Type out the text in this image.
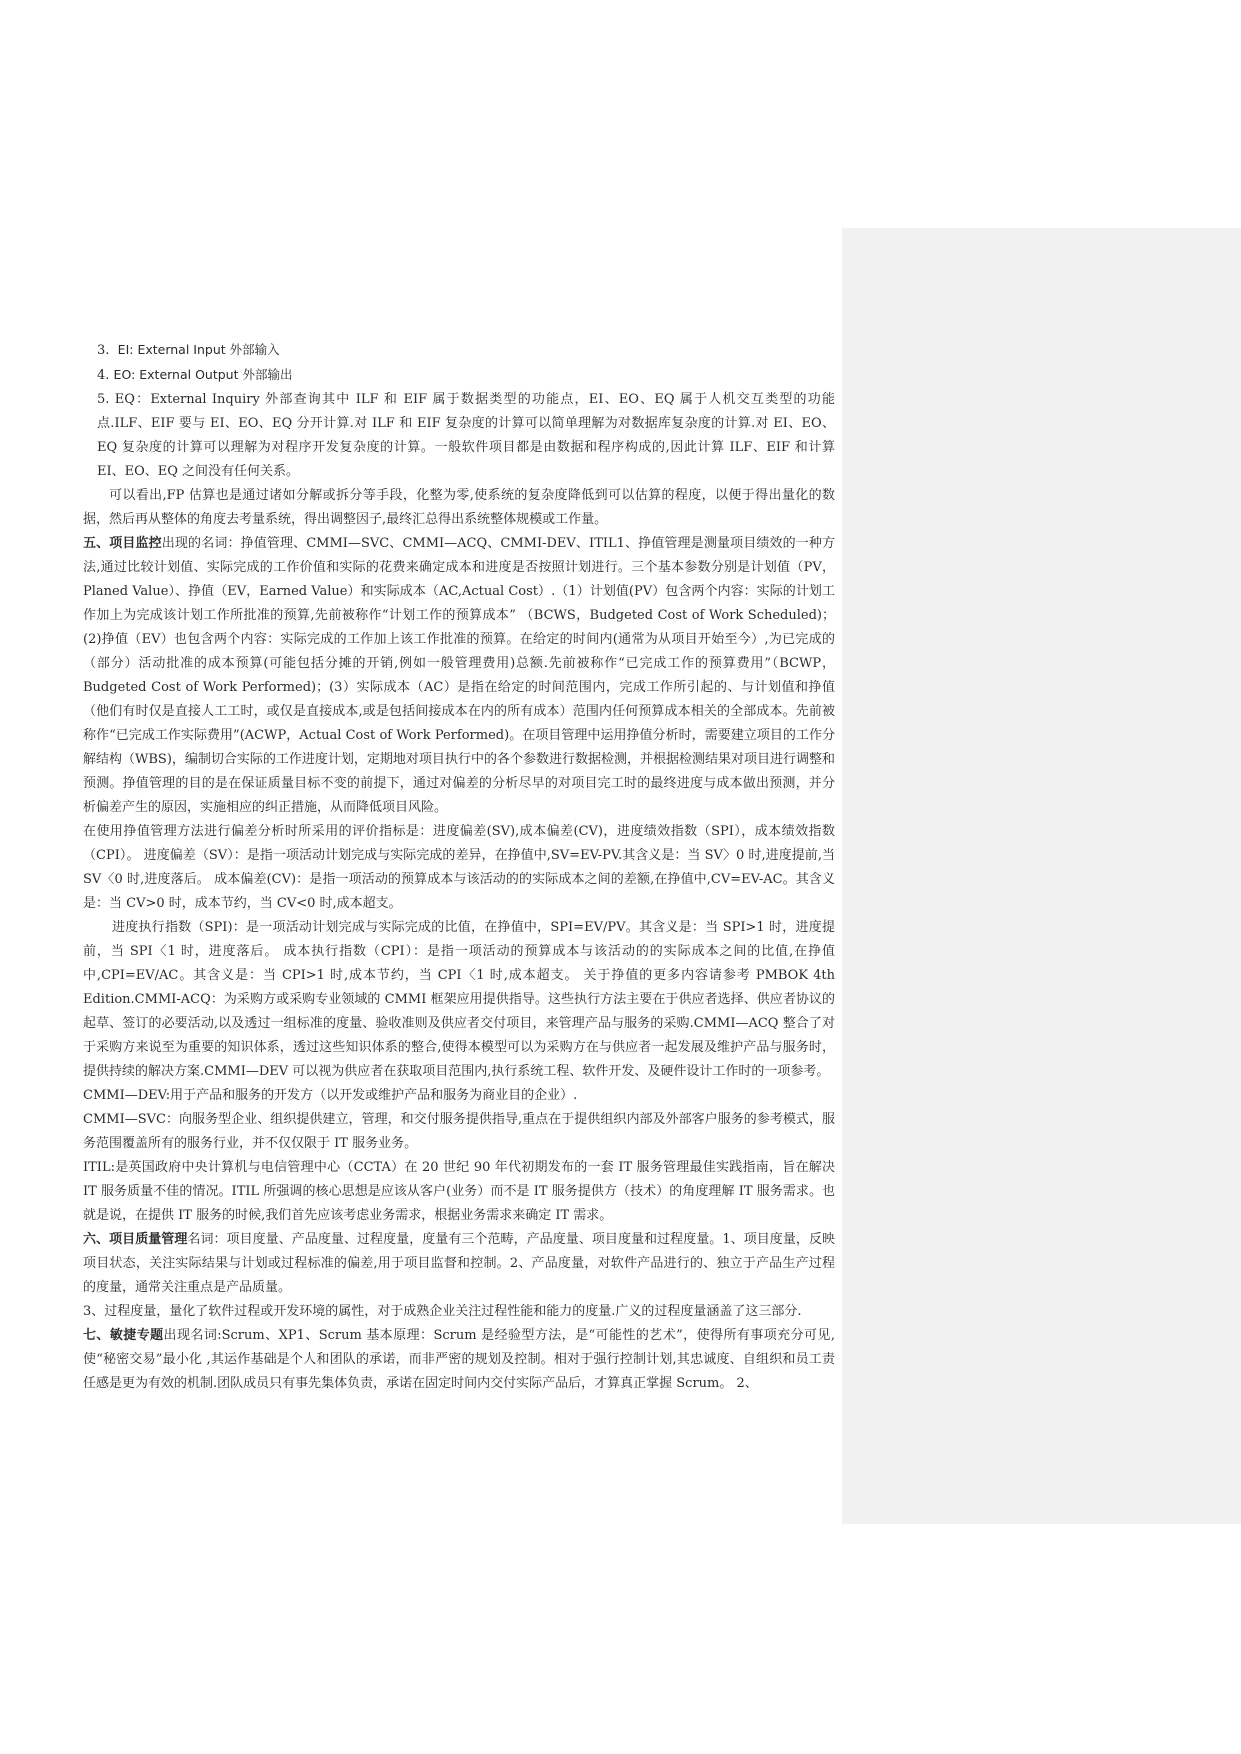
3. EI: External Input 外部输入

4. EO: External Output 外部输出

5. EQ：External Inquiry 外部查询其中 ILF 和 EIF 属于数据类型的功能点，EI、EO、EQ 属于人机交互类型的功能点.ILF、EIF 要与 EI、EO、EQ 分开计算.对 ILF 和 EIF 复杂度的计算可以简单理解为对数据库复杂度的计算.对 EI、EO、EQ 复杂度的计算可以理解为对程序开发复杂度的计算。一般软件项目都是由数据和程序构成的,因此计算 ILF、EIF 和计算 EI、EO、EQ 之间没有任何关系。

可以看出,FP 估算也是通过诸如分解或拆分等手段，化整为零,使系统的复杂度降低到可以估算的程度，以便于得出量化的数据，然后再从整体的角度去考量系统，得出调整因子,最终汇总得出系统整体规模或工作量。

五、项目监控出现的名词：挣值管理、CMMI—SVC、CMMI—ACQ、CMMI-DEV、ITIL1、挣值管理是测量项目绩效的一种方法,通过比较计划值、实际完成的工作价值和实际的花费来确定成本和进度是否按照计划进行。三个基本参数分别是计划值（PV，Planed Value）、挣值（EV，Earned Value）和实际成本（AC,Actual Cost）.（1）计划值(PV）包含两个内容：实际的计划工作加上为完成该计划工作所批准的预算,先前被称作“计划工作的预算成本” （BCWS，Budgeted Cost of Work Scheduled)；(2)挣值（EV）也包含两个内容：实际完成的工作加上该工作批准的预算。在给定的时间内(通常为从项目开始至今）,为已完成的（部分）活动批准的成本预算(可能包括分摊的开销,例如一般管理费用)总额.先前被称作“已完成工作的预算费用”（BCWP，Budgeted Cost of Work Performed)；(3）实际成本（AC）是指在给定的时间范围内，完成工作所引起的、与计划值和挣值（他们有时仅是直接人工工时，或仅是直接成本,或是包括间接成本在内的所有成本）范围内任何预算成本相关的全部成本。先前被称作“已完成工作实际费用”(ACWP，Actual Cost of Work Performed)。在项目管理中运用挣值分析时，需要建立项目的工作分解结构（WBS)，编制切合实际的工作进度计划，定期地对项目执行中的各个参数进行数据检测，并根据检测结果对项目进行调整和预测。挣值管理的目的是在保证质量目标不变的前提下，通过对偏差的分析尽早的对项目完工时的最终进度与成本做出预测，并分析偏差产生的原因，实施相应的纠正措施，从而降低项目风险。

在使用挣值管理方法进行偏差分析时所采用的评价指标是：进度偏差(SV),成本偏差(CV)，进度绩效指数（SPI），成本绩效指数（CPI）。 进度偏差（SV）：是指一项活动计划完成与实际完成的差异，在挣值中,SV=EV-PV.其含义是：当 SV〉0 时,进度提前,当 SV〈0 时,进度落后。 成本偏差(CV)：是指一项活动的预算成本与该活动的的实际成本之间的差额,在挣值中,CV=EV-AC。其含义是：当 CV>0 时，成本节约，当 CV<0 时,成本超支。

进度执行指数（SPI)：是一项活动计划完成与实际完成的比值，在挣值中，SPI=EV/PV。其含义是：当 SPI>1 时，进度提前，当 SPI〈1 时，进度落后。 成本执行指数（CPI）：是指一项活动的预算成本与该活动的的实际成本之间的比值,在挣值中,CPI=EV/AC。其含义是：当 CPI>1 时,成本节约，当 CPI〈1 时,成本超支。 关于挣值的更多内容请参考 PMBOK 4th Edition.CMMI-ACQ：为采购方或采购专业领域的 CMMI 框架应用提供指导。这些执行方法主要在于供应者选择、供应者协议的起草、签订的必要活动,以及透过一组标准的度量、验收准则及供应者交付项目，来管理产品与服务的采购.CMMI—ACQ 整合了对于采购方来说至为重要的知识体系，透过这些知识体系的整合,使得本模型可以为采购方在与供应者一起发展及维护产品与服务时，提供持续的解决方案.CMMI—DEV 可以视为供应者在获取项目范围内,执行系统工程、软件开发、及硬件设计工作时的一项参考。

CMMI—DEV:用于产品和服务的开发方（以开发或维护产品和服务为商业目的企业）.

CMMI—SVC：向服务型企业、组织提供建立，管理，和交付服务提供指导,重点在于提供组织内部及外部客户服务的参考模式，服务范围覆盖所有的服务行业，并不仅仅限于 IT 服务业务。

ITIL:是英国政府中央计算机与电信管理中心（CCTA）在 20 世纪 90 年代初期发布的一套 IT 服务管理最佳实践指南，旨在解决 IT 服务质量不佳的情况。ITIL 所强调的核心思想是应该从客户(业务）而不是 IT 服务提供方（技术）的角度理解 IT 服务需求。也就是说，在提供 IT 服务的时候,我们首先应该考虑业务需求，根据业务需求来确定 IT 需求。

六、项目质量管理名词：项目度量、产品度量、过程度量，度量有三个范畴，产品度量、项目度量和过程度量。1、项目度量，反映项目状态，关注实际结果与计划或过程标准的偏差,用于项目监督和控制。2、产品度量，对软件产品进行的、独立于产品生产过程的度量，通常关注重点是产品质量。

3、过程度量，量化了软件过程或开发环境的属性，对于成熟企业关注过程性能和能力的度量.广义的过程度量涵盖了这三部分.

七、敏捷专题出现名词:Scrum、XP1、Scrum 基本原理：Scrum 是经验型方法，是“可能性的艺术”，使得所有事项充分可见,使“秘密交易”最小化 ,其运作基础是个人和团队的承诺，而非严密的规划及控制。相对于强行控制计划,其忠诚度、自组织和员工责任感是更为有效的机制.团队成员只有事先集体负责，承诺在固定时间内交付实际产品后，才算真正掌握 Scrum。 2、
